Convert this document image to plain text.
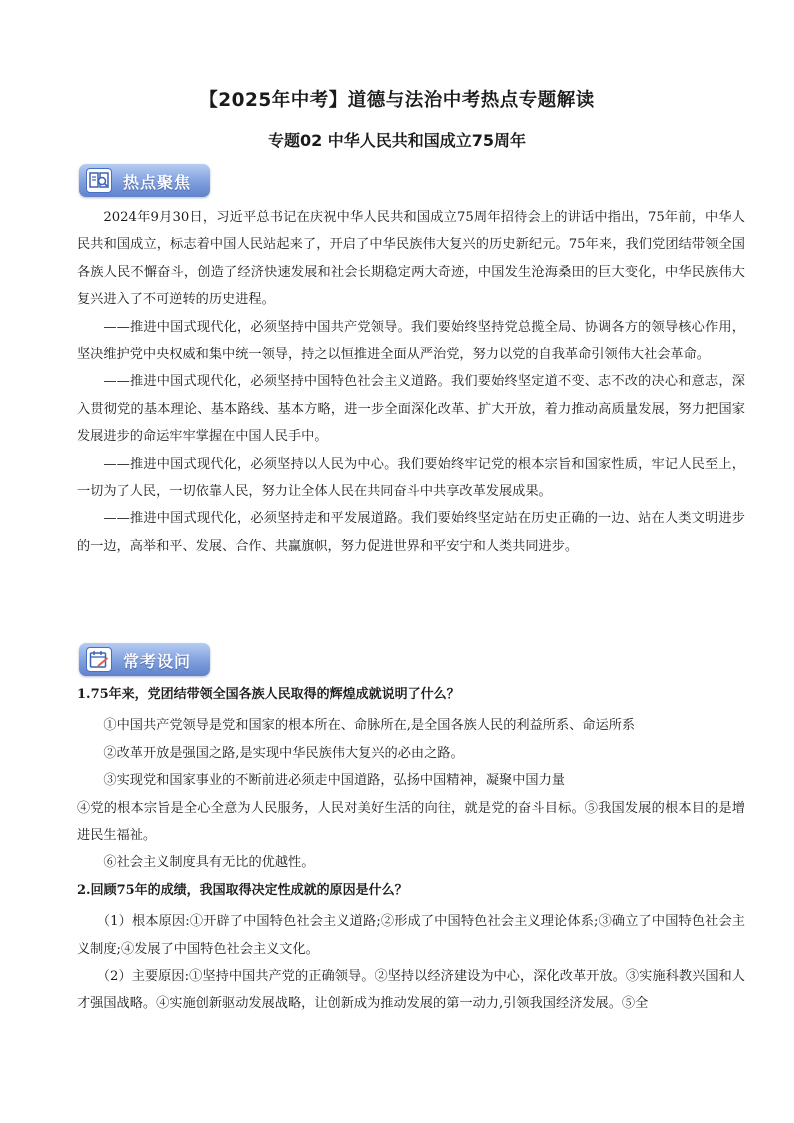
【2025年中考】道德与法治中考热点专题解读
专题02 中华人民共和国成立75周年
热点聚焦

2024年9月30日，习近平总书记在庆祝中华人民共和国成立75周年招待会上的讲话中指出，75年前，中华人民共和国成立，标志着中国人民站起来了，开启了中华民族伟大复兴的历史新纪元。75年来，我们党团结带领全国各族人民不懈奋斗，创造了经济快速发展和社会长期稳定两大奇迹，中国发生沧海桑田的巨大变化，中华民族伟大复兴进入了不可逆转的历史进程。

——推进中国式现代化，必须坚持中国共产党领导。我们要始终坚持党总揽全局、协调各方的领导核心作用，坚决维护党中央权威和集中统一领导，持之以恒推进全面从严治党，努力以党的自我革命引领伟大社会革命。

——推进中国式现代化，必须坚持中国特色社会主义道路。我们要始终坚定道不变、志不改的决心和意志，深入贯彻党的基本理论、基本路线、基本方略，进一步全面深化改革、扩大开放，着力推动高质量发展，努力把国家发展进步的命运牢牢掌握在中国人民手中。

——推进中国式现代化，必须坚持以人民为中心。我们要始终牢记党的根本宗旨和国家性质，牢记人民至上，一切为了人民，一切依靠人民，努力让全体人民在共同奋斗中共享改革发展成果。

——推进中国式现代化，必须坚持走和平发展道路。我们要始终坚定站在历史正确的一边、站在人类文明进步的一边，高举和平、发展、合作、共赢旗帜，努力促进世界和平安宁和人类共同进步。

常考设问

1.75年来，党团结带领全国各族人民取得的辉煌成就说明了什么？

①中国共产党领导是党和国家的根本所在、命脉所在,是全国各族人民的利益所系、命运所系

②改革开放是强国之路,是实现中华民族伟大复兴的必由之路。

③实现党和国家事业的不断前进必须走中国道路，弘扬中国精神，凝聚中国力量

④党的根本宗旨是全心全意为人民服务，人民对美好生活的向往，就是党的奋斗目标。⑤我国发展的根本目的是增进民生福祉。

⑥社会主义制度具有无比的优越性。

2.回顾75年的成绩，我国取得决定性成就的原因是什么？

（1）根本原因:①开辟了中国特色社会主义道路;②形成了中国特色社会主义理论体系;③确立了中国特色社会主义制度;④发展了中国特色社会主义文化。

（2）主要原因:①坚持中国共产党的正确领导。②坚持以经济建设为中心，深化改革开放。③实施科教兴国和人才强国战略。④实施创新驱动发展战略，让创新成为推动发展的第一动力,引领我国经济发展。⑤全
